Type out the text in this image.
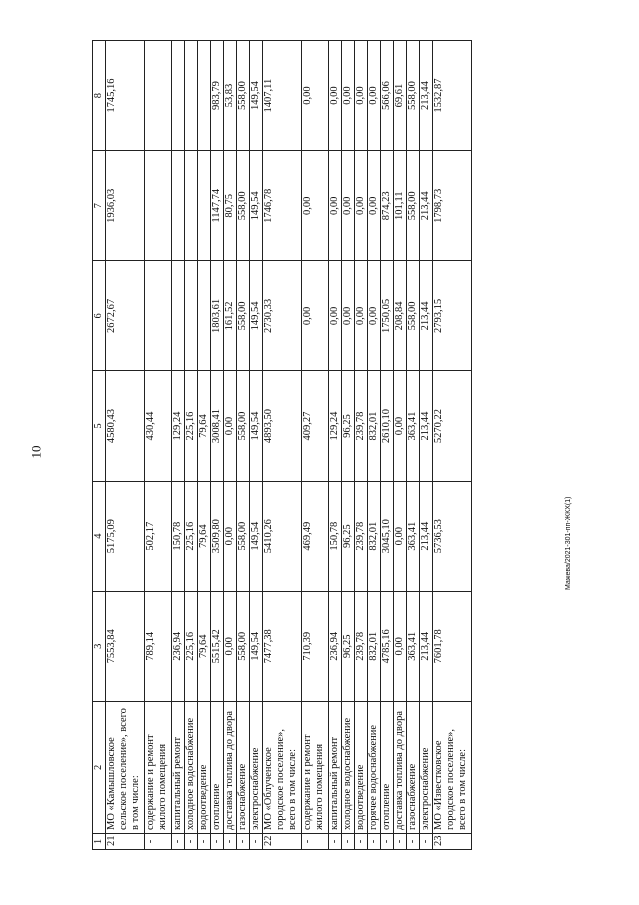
10
Мажева/2021-301-пп-ЖКХ(1)
1	2	3	4	5	6	7	8
21	МО «Камышловское сельское поселение», всего в том числе:	7553,84	5175,09	4580,43	2672,67	1936,03	1745,16
-	содержание и ремонт жилого помещения	789,14	502,17	430,44			
-	капитальный ремонт	236,94	150,78	129,24			
-	холодное водоснабжение	225,16	225,16	225,16			
-	водоотведение	79,64	79,64	79,64			
-	отопление	5515,42	3509,80	3008,41	1803,61	1147,74	983,79
-	доставка топлива до двора	0,00	0,00	0,00	161,52	80,75	53,83
-	газоснабжение	558,00	558,00	558,00	558,00	558,00	558,00
-	электроснабжение	149,54	149,54	149,54	149,54	149,54	149,54
22	МО «Облученское городское поселение», всего в том числе:	7477,38	5410,26	4893,50	2730,33	1746,78	1407,11
-	содержание и ремонт жилого помещения	710,39	469,49	409,27	0,00	0,00	0,00
-	капитальный ремонт	236,94	150,78	129,24	0,00	0,00	0,00
-	холодное водоснабжение	96,25	96,25	96,25	0,00	0,00	0,00
-	водоотведение	239,78	239,78	239,78	0,00	0,00	0,00
-	горячее водоснабжение	832,01	832,01	832,01	0,00	0,00	0,00
-	отопление	4785,16	3045,10	2610,10	1750,05	874,23	566,06
-	доставка топлива до двора	0,00	0,00	0,00	208,84	101,11	69,61
-	газоснабжение	363,41	363,41	363,41	558,00	558,00	558,00
-	электроснабжение	213,44	213,44	213,44	213,44	213,44	213,44
23	МО «Известковское городское поселение», всего в том числе:	7601,78	5736,53	5270,22	2793,15	1798,73	1532,87
